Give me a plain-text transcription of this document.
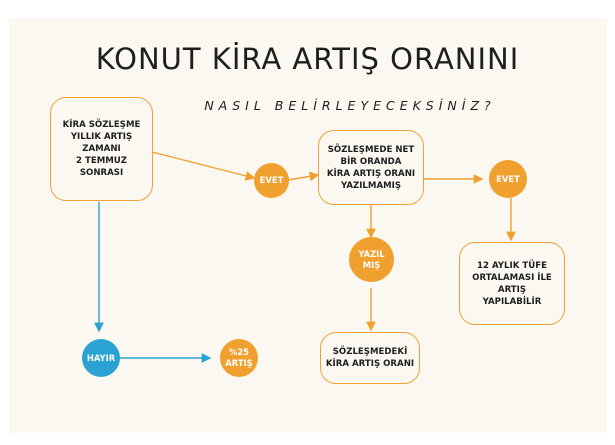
KONUT KİRA ARTIŞ ORANINI
NASIL BELİRLEYECEKSİNİZ?
KİRA SÖZLEŞME
YILLIK ARTIŞ
ZAMANI
2 TEMMUZ
SONRASI
EVET
SÖZLEŞMEDE NET
BİR ORANDA
KİRA ARTIŞ ORANI
YAZILMAMIŞ
EVET
12 AYLIK TÜFE
ORTALAMASI İLE
ARTIŞ
YAPILABİLİR
YAZIL
MIŞ
SÖZLEŞMEDEKİ
KİRA ARTIŞ ORANI
HAYIR
%25
ARTIŞ
